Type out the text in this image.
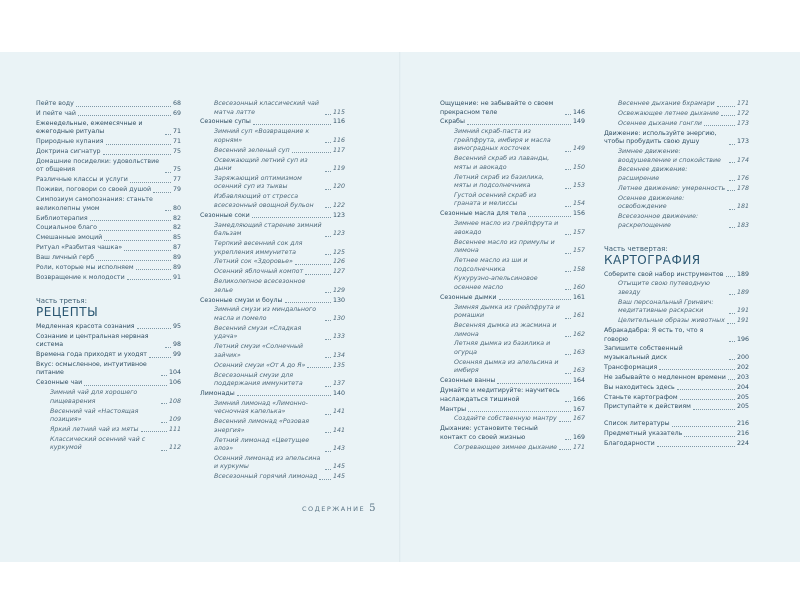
Пейте воду	68
И пейте чай	69
Еженедельные, ежемесячные и ежегодные ритуалы	71
Природные купания	71
Доктрина сигнатур	75
Домашние посиделки: удовольствие от общения	75
Различные классы и услуги	77
Поживи, поговори со своей душой	79
Симпозиум самопознания: станьте великолепны умом	80
Библиотерапия	82
Социальное благо	82
Смешанные эмоций	85
Ритуал «Разбитая чашка»	87
Ваш личный герб	89
Роли, которые мы исполняем	89
Возвращение к молодости	91
Часть третья:
РЕЦЕПТЫ
Медленная красота сознания	95
Сознание и центральная нервная система	98
Времена года приходят и уходят	99
Вкус: осмысленное, интуитивное питание	104
Сезонные чаи	106
Зимний чай для хорошего пищеварения	108
Весенний чай «Настоящая позиция»	109
Яркий летний чай из мяты	111
Классический осенний чай с куркумой	112
Всесезонный классический чай матча латте	115
Сезонные супы	116
Зимний суп «Возвращение к корням»	116
Весенний зеленый суп	117
Освежающий летний суп из дыни	119
Заряжающий оптимизмом осенний суп из тыквы	120
Избавляющий от стресса всесезонный овощной бульон	122
Сезонные соки	123
Замедляющий старение зимний бальзам	123
Терпкий весенний сок для укрепления иммунитета	125
Летний сок «Здоровье»	126
Осенний яблочный компот	127
Великолепное всесезонное зелье	129
Сезонные смузи и боулы	130
Зимний смузи из миндального масла и помело	130
Весенний смузи «Сладкая удача»	133
Летний смузи «Солнечный зайчик»	134
Осенний смузи «От А до Я»	135
Всесезонный смузи для поддержания иммунитета	137
Лимонады	140
Зимний лимонад «Лимонно-чесночная капелька»	141
Весенний лимонад «Розовая энергия»	141
Летний лимонад «Цветущее алоэ»	143
Осенний лимонад из апельсина и куркумы	145
Всесезонный горячий лимонад 145
Ощущение: не забывайте о своем прекрасном теле	146
Скрабы	149
Зимний скраб-паста из грейпфрута, имбиря и масла виноградных косточек	149
Весенний скраб из лаванды, мяты и авокадо	150
Летний скраб из базилика, мяты и подсолнечника	153
Густой осенний скраб из граната и мелиссы	154
Сезонные масла для тела	156
Зимнее масло из грейпфрута и авокадо	157
Весеннее масло из примулы и лимона	157
Летнее масло из ши и подсолнечника	158
Кукурузно-апельсиновое осеннее масло	160
Сезонные дымки	161
Зимняя дымка из грейпфрута и ромашки	161
Весенняя дымка из жасмина и лимона	162
Летняя дымка из базилика и огурца	163
Осенняя дымка из апельсина и имбиря	163
Сезонные ванны	164
Думайте и медитируйте: научитесь наслаждаться тишиной	166
Мантры	167
Создайте собственную мантру	167
Дыхание: установите тесный контакт со своей жизнью	169
Согревающее зимнее дыхание	171
Весеннее дыхание бхрамари	171
Освежающее летнее дыхание	172
Осеннее дыхание гонгли	173
Движение: используйте энергию, чтобы пробудить свою душу	173
Зимнее движение: воодушевление и спокойствие	174
Весеннее движение: расширение	176
Летнее движение: умеренность 178
Осеннее движение: освобождение	181
Всесезонное движение: раскрепощение	183
Часть четвертая:
КАРТОГРАФИЯ
Соберите свой набор инструментов 189
Отыщите свою путеводную звезду	189
Ваш персональный Гринвич: медитативные раскраски	191
Целительные образы животных 191
Абракадабра: Я есть то, что я говорю	196
Запишите собственный музыкальный диск	200
Трансформация	202
Не забывайте о медленном времени 203
Вы находитесь здесь	204
Станьте картографом	205
Приступайте к действиям	205
Список литературы	216
Предметный указатель	216
Благодарности	224
СОДЕРЖАНИЕ 5
